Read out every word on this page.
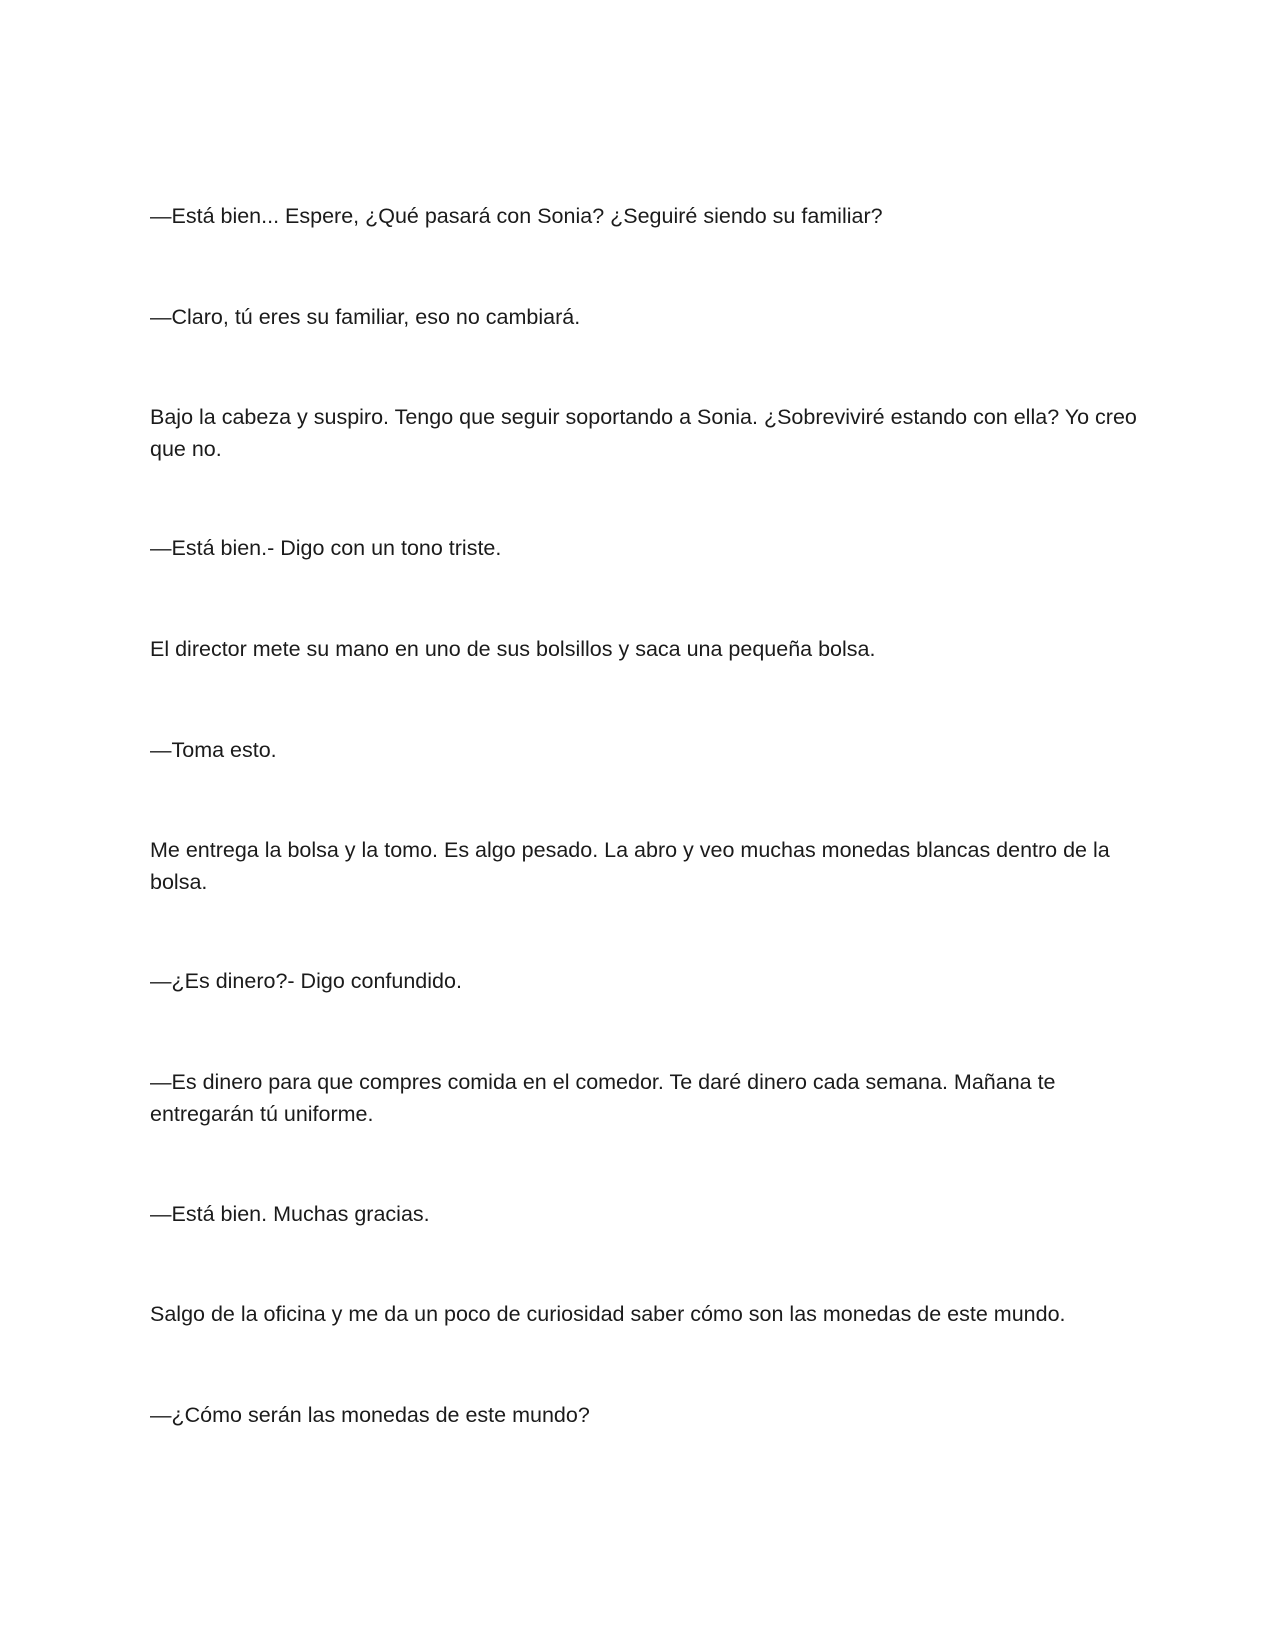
—Está bien... Espere, ¿Qué pasará con Sonia? ¿Seguiré siendo su familiar?

—Claro, tú eres su familiar, eso no cambiará.

Bajo la cabeza y suspiro. Tengo que seguir soportando a Sonia. ¿Sobreviviré estando con ella? Yo creo que no.

—Está bien.- Digo con un tono triste.

El director mete su mano en uno de sus bolsillos y saca una pequeña bolsa.

—Toma esto.

Me entrega la bolsa y la tomo. Es algo pesado. La abro y veo muchas monedas blancas dentro de la bolsa.

—¿Es dinero?- Digo confundido.

—Es dinero para que compres comida en el comedor. Te daré dinero cada semana. Mañana te entregarán tú uniforme.

—Está bien. Muchas gracias.

Salgo de la oficina y me da un poco de curiosidad saber cómo son las monedas de este mundo.

—¿Cómo serán las monedas de este mundo?
